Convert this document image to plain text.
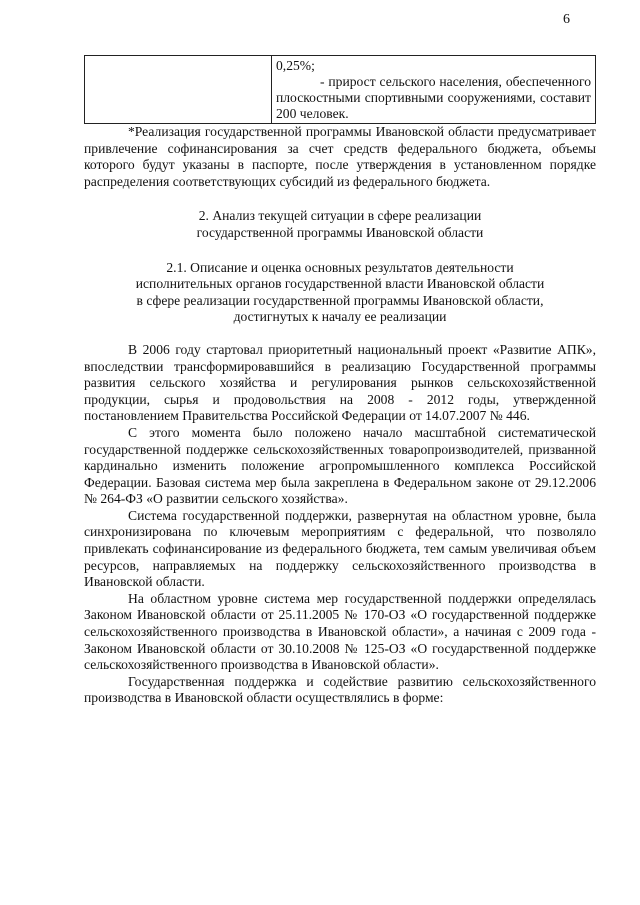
6

0,25%;

- прирост сельского населения, обеспеченного плоскостными спортивными сооружениями, составит 200 человек.

*Реализация государственной программы Ивановской области предусматривает привлечение софинансирования за счет средств федерального бюджета, объемы которого будут указаны в паспорте, после утверждения в установленном порядке распределения соответствующих субсидий из федерального бюджета.

2. Анализ текущей ситуации в сфере реализации

государственной программы Ивановской области

2.1. Описание и оценка основных результатов деятельности

исполнительных органов государственной власти Ивановской области

в сфере реализации государственной программы Ивановской области,

достигнутых к началу ее реализации

В 2006 году стартовал приоритетный национальный проект «Развитие АПК», впоследствии трансформировавшийся в реализацию Государственной программы развития сельского хозяйства и регулирования рынков сельскохозяйственной продукции, сырья и продовольствия на 2008 - 2012 годы, утвержденной постановлением Правительства Российской Федерации от 14.07.2007 № 446.

С этого момента было положено начало масштабной систематической государственной поддержке сельскохозяйственных товаропроизводителей, призванной кардинально изменить положение агропромышленного комплекса Российской Федерации. Базовая система мер была закреплена в Федеральном законе от 29.12.2006 № 264-ФЗ «О развитии сельского хозяйства».

Система государственной поддержки, развернутая на областном уровне, была синхронизирована по ключевым мероприятиям с федеральной, что позволяло привлекать софинансирование из федерального бюджета, тем самым увеличивая объем ресурсов, направляемых на поддержку сельскохозяйственного производства в Ивановской области.

На областном уровне система мер государственной поддержки определялась Законом Ивановской области от 25.11.2005 № 170-ОЗ «О государственной поддержке сельскохозяйственного производства в Ивановской области», а начиная с 2009 года - Законом Ивановской области от 30.10.2008 № 125-ОЗ «О государственной поддержке сельскохозяйственного производства в Ивановской области».

Государственная поддержка и содействие развитию сельскохозяйственного производства в Ивановской области осуществлялись в форме:
